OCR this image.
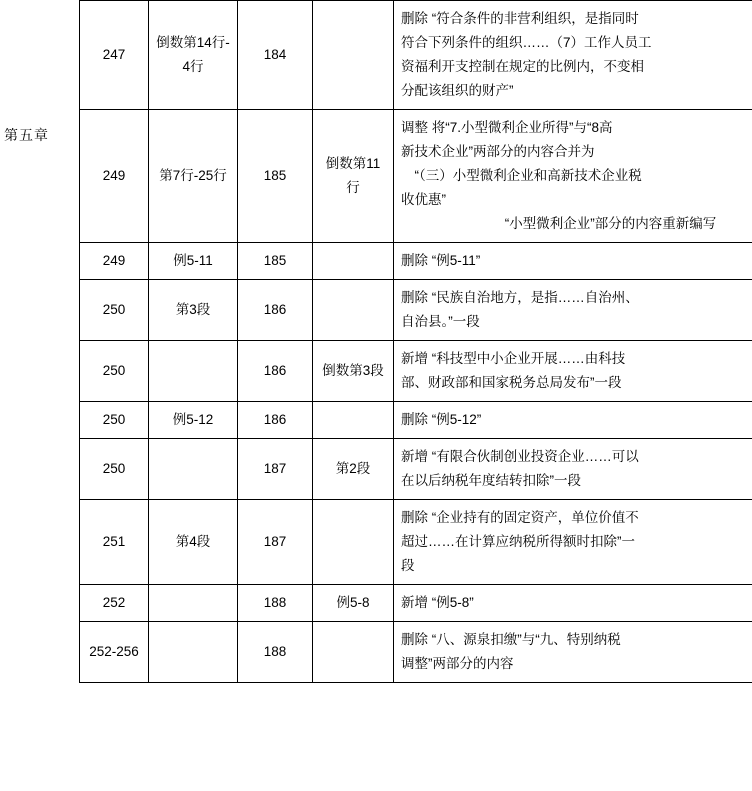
第五章
247	倒数第14行-4行	184		删除 “符合条件的非营利组织，是指同时
符合下列条件的组织……（7）工作人员工
资福利开支控制在规定的比例内，不变相
分配该组织的财产”

249	第7行-25行	185	倒数第11行	调整 将“7.小型微利企业所得”与“8高
新技术企业”两部分的内容合并为
“（三）小型微利企业和高新技术企业税
收优惠”
“小型微利企业”部分的内容重新编写

249	例5-11	185		删除 “例5-11”

250	第3段	186		删除 “民族自治地方，是指……自治州、
自治县。”一段

250		186	倒数第3段	新增 “科技型中小企业开展……由科技
部、财政部和国家税务总局发布”一段

250	例5-12	186		删除 “例5-12”

250		187	第2段	新增 “有限合伙制创业投资企业……可以
在以后纳税年度结转扣除”一段

251	第4段	187		删除 “企业持有的固定资产，单位价值不
超过……在计算应纳税所得额时扣除”一
段

252		188	例5-8	新增 “例5-8”

252-256		188		删除 “八、源泉扣缴”与“九、特别纳税
调整”两部分的内容
